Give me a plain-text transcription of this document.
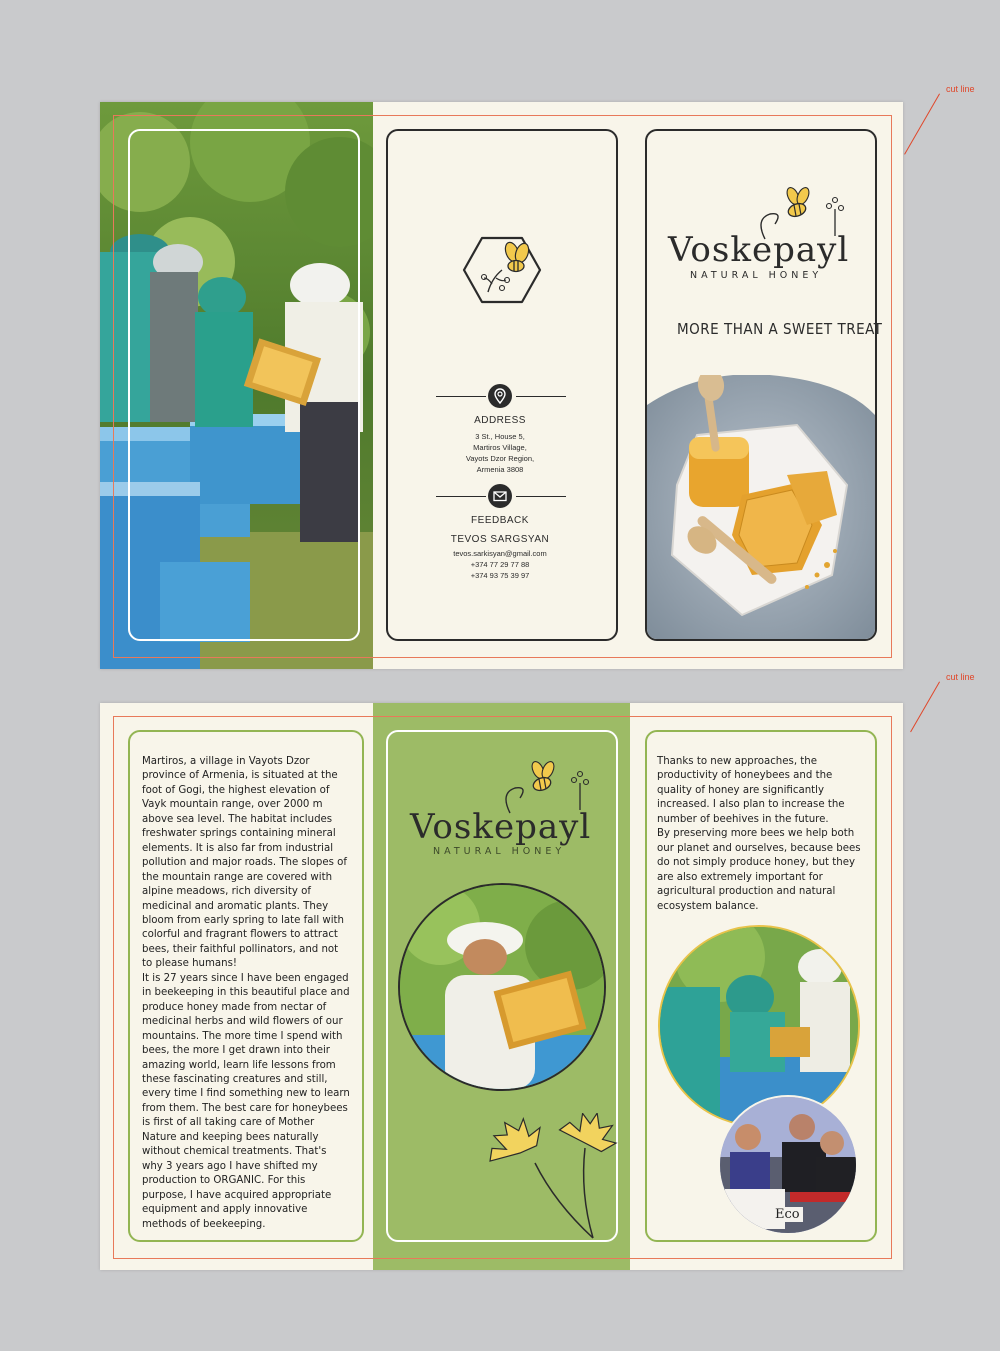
cut line
cut line
ADDRESS
3 St., House 5,
Martiros Village,
Vayots Dzor Region,
Armenia 3808
FEEDBACK
TEVOS SARGSYAN
tevos.sarkisyan@gmail.com
+374 77 29 77 88
+374 93 75 39 97
Voskepayl
NATURAL HONEY
MORE THAN A SWEET TREAT

Martiros, a village in Vayots Dzor province of Armenia, is situated at the foot of Gogi, the highest elevation of Vayk mountain range, over 2000 m above sea level. The habitat includes freshwater springs containing mineral elements. It is also far from industrial pollution and major roads. The slopes of the mountain range are covered with alpine meadows, rich diversity of medicinal and aromatic plants. They bloom from early spring to late fall with colorful and fragrant flowers to attract bees, their faithful pollinators, and not to please humans!

It is 27 years since I have been engaged in beekeeping in this beautiful place and produce honey made from nectar of medicinal herbs and wild flowers of our mountains. The more time I spend with bees, the more I get drawn into their amazing world, learn life lessons from these fascinating creatures and still, every time I find something new to learn from them. The best care for honeybees is first of all taking care of Mother Nature and keeping bees naturally without chemical treatments. That's why 3 years ago I have shifted my production to ORGANIC. For this purpose, I have acquired appropriate equipment and apply innovative methods of beekeeping.

Voskepayl
NATURAL HONEY

Thanks to new approaches, the productivity of honeybees and the quality of honey are significantly increased. I also plan to increase the number of beehives in the future.

By preserving more bees we help both our planet and ourselves, because bees do not simply produce honey, but they are also extremely important for agricultural production and natural ecosystem balance.

Eco
